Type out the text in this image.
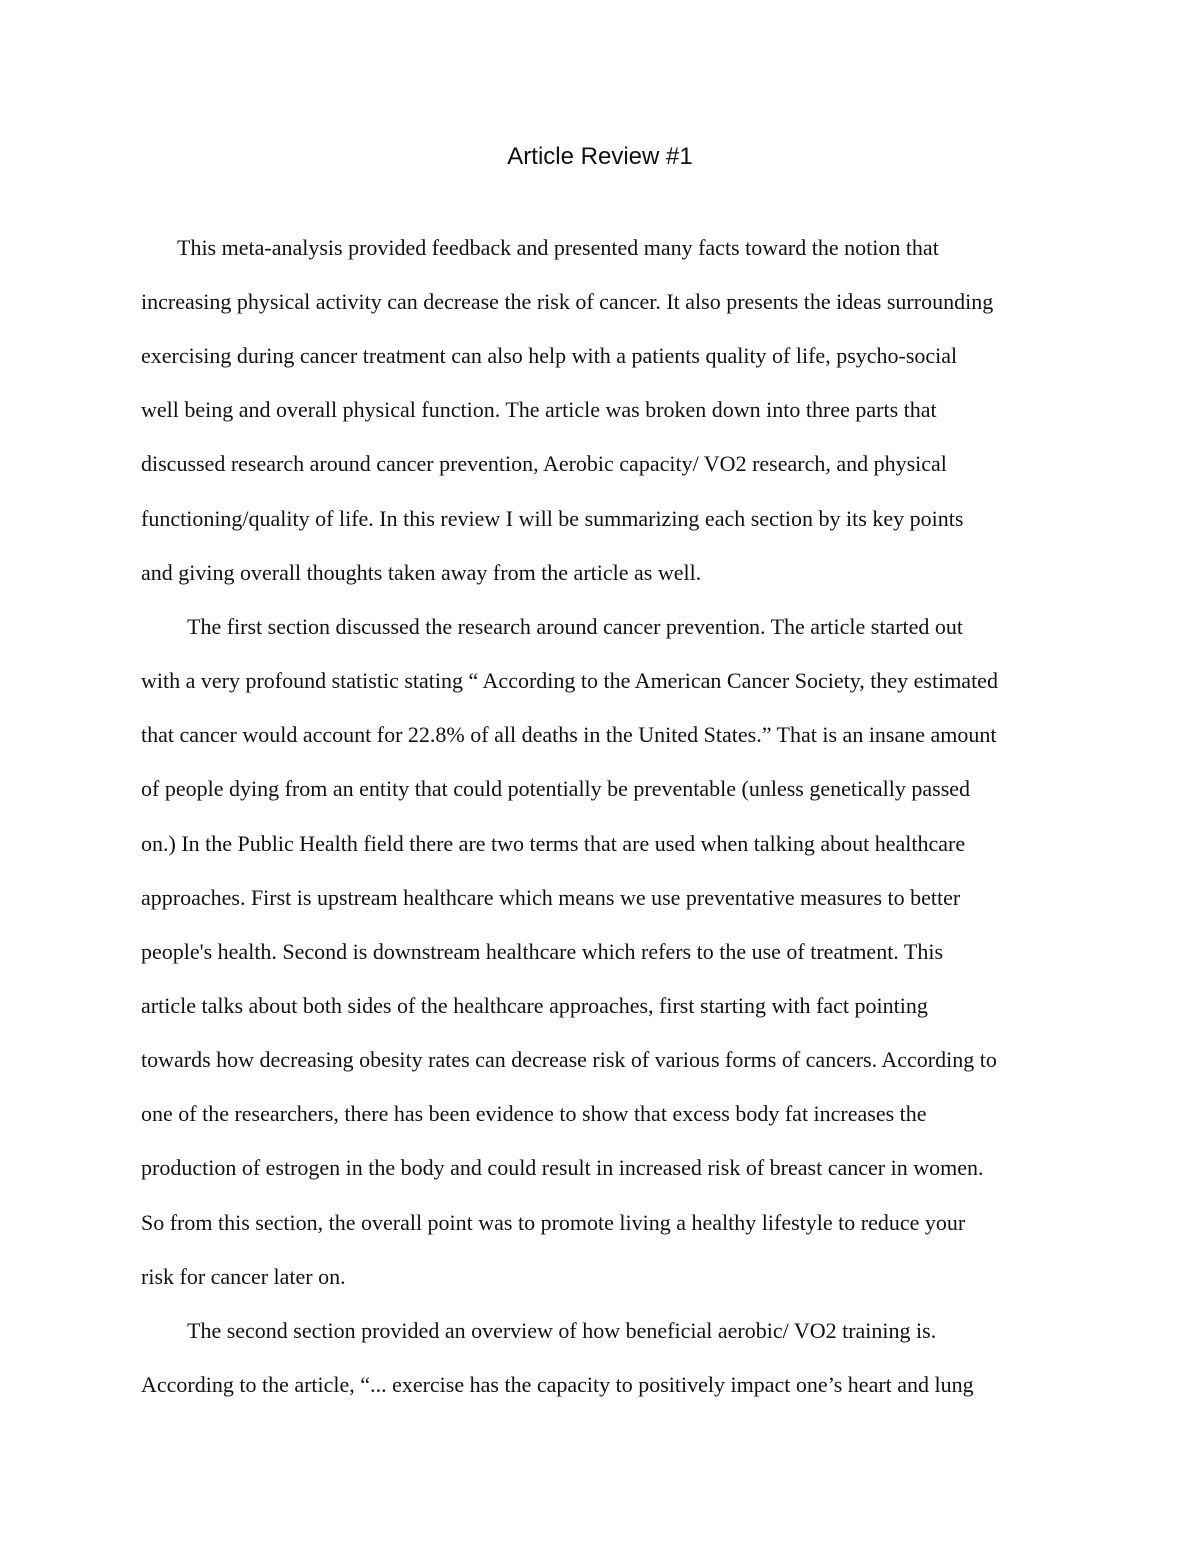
Article Review #1
This meta-analysis provided feedback and presented many facts toward the notion that
increasing physical activity can decrease the risk of cancer. It also presents the ideas surrounding
exercising during cancer treatment can also help with a patients quality of life, psycho-social
well being and overall physical function. The article was broken down into three parts that
discussed research around cancer prevention, Aerobic capacity/ VO2 research, and physical
functioning/quality of life. In this review I will be summarizing each section by its key points
and giving overall thoughts taken away from the article as well.
The first section discussed the research around cancer prevention. The article started out
with a very profound statistic stating “ According to the American Cancer Society, they estimated
that cancer would account for 22.8% of all deaths in the United States.” That is an insane amount
of people dying from an entity that could potentially be preventable (unless genetically passed
on.) In the Public Health field there are two terms that are used when talking about healthcare
approaches. First is upstream healthcare which means we use preventative measures to better
people's health. Second is downstream healthcare which refers to the use of treatment. This
article talks about both sides of the healthcare approaches, first starting with fact pointing
towards how decreasing obesity rates can decrease risk of various forms of cancers. According to
one of the researchers, there has been evidence to show that excess body fat increases the
production of estrogen in the body and could result in increased risk of breast cancer in women.
So from this section, the overall point was to promote living a healthy lifestyle to reduce your
risk for cancer later on.
The second section provided an overview of how beneficial aerobic/ VO2 training is.
According to the article, “... exercise has the capacity to positively impact one’s heart and lung
